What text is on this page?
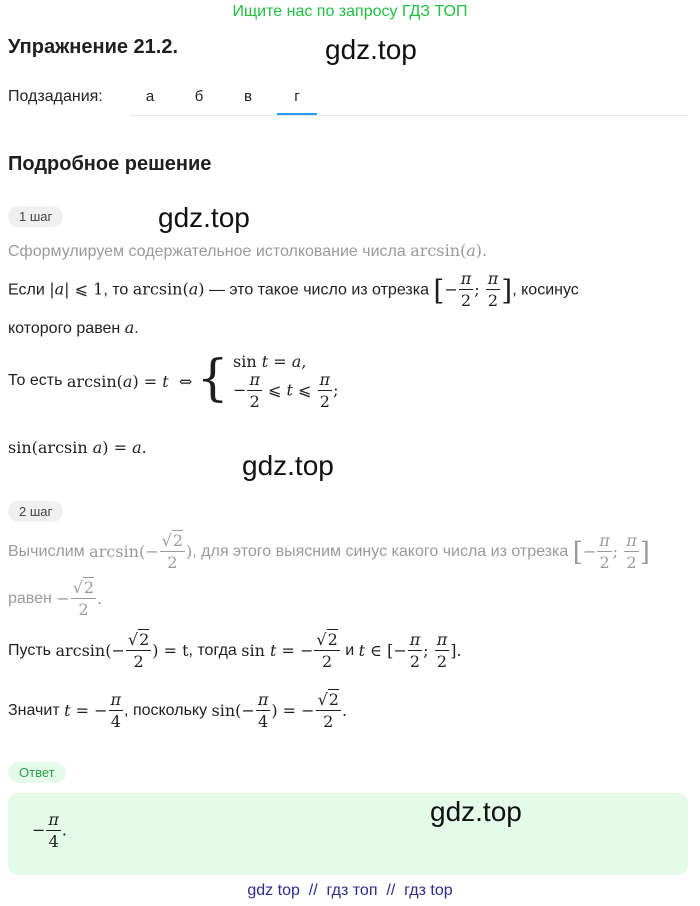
Ищите нас по запросу ГДЗ ТОП
gdz.top
gdz.top
gdz.top
Упражнение 21.2.
Подзадания:	а	б	в	г
Подробное решение
1 шаг
Сформулируем содержательное истолкование числа arcsin(a).
Если |a| ⩽ 1, то arcsin(a) — это такое число из отрезка [− $\frac{\pi}{2}$ ; $\frac{\pi}{2}$ ], косинус
которого равен a.
То есть arcsin(a) = t  ⇔ { sin t = a,
− $\frac{\pi}{2}$ ⩽ t ⩽ $\frac{\pi}{2}$ ;
sin(arcsin a) = a.
2 шаг
Вычислим $\arcsin(- \frac{√2}{2}$ ), для этого выясним синус какого числа из отрезка [− $\frac{\pi}{2}$ ; $\frac{\pi}{2}$ ]
равен − $\frac{√2}{2}$ .
Пусть $\arcsin(- \frac{√2}{2}$ ) = t, тогда sin t = − $\frac{√2}{2}$ и t ∈ [− $\frac{\pi}{2}$ ; $\frac{\pi}{2}$ ].
Значит t = − $\frac{\pi}{4}$ , поскольку $\sin(- \frac{\pi}{4}$ ) = − $\frac{√2}{2}$ .
Ответ
− $\frac{\pi}{4}$ .
gdz.top
gdz top  //  гдз топ  //  гдз top
